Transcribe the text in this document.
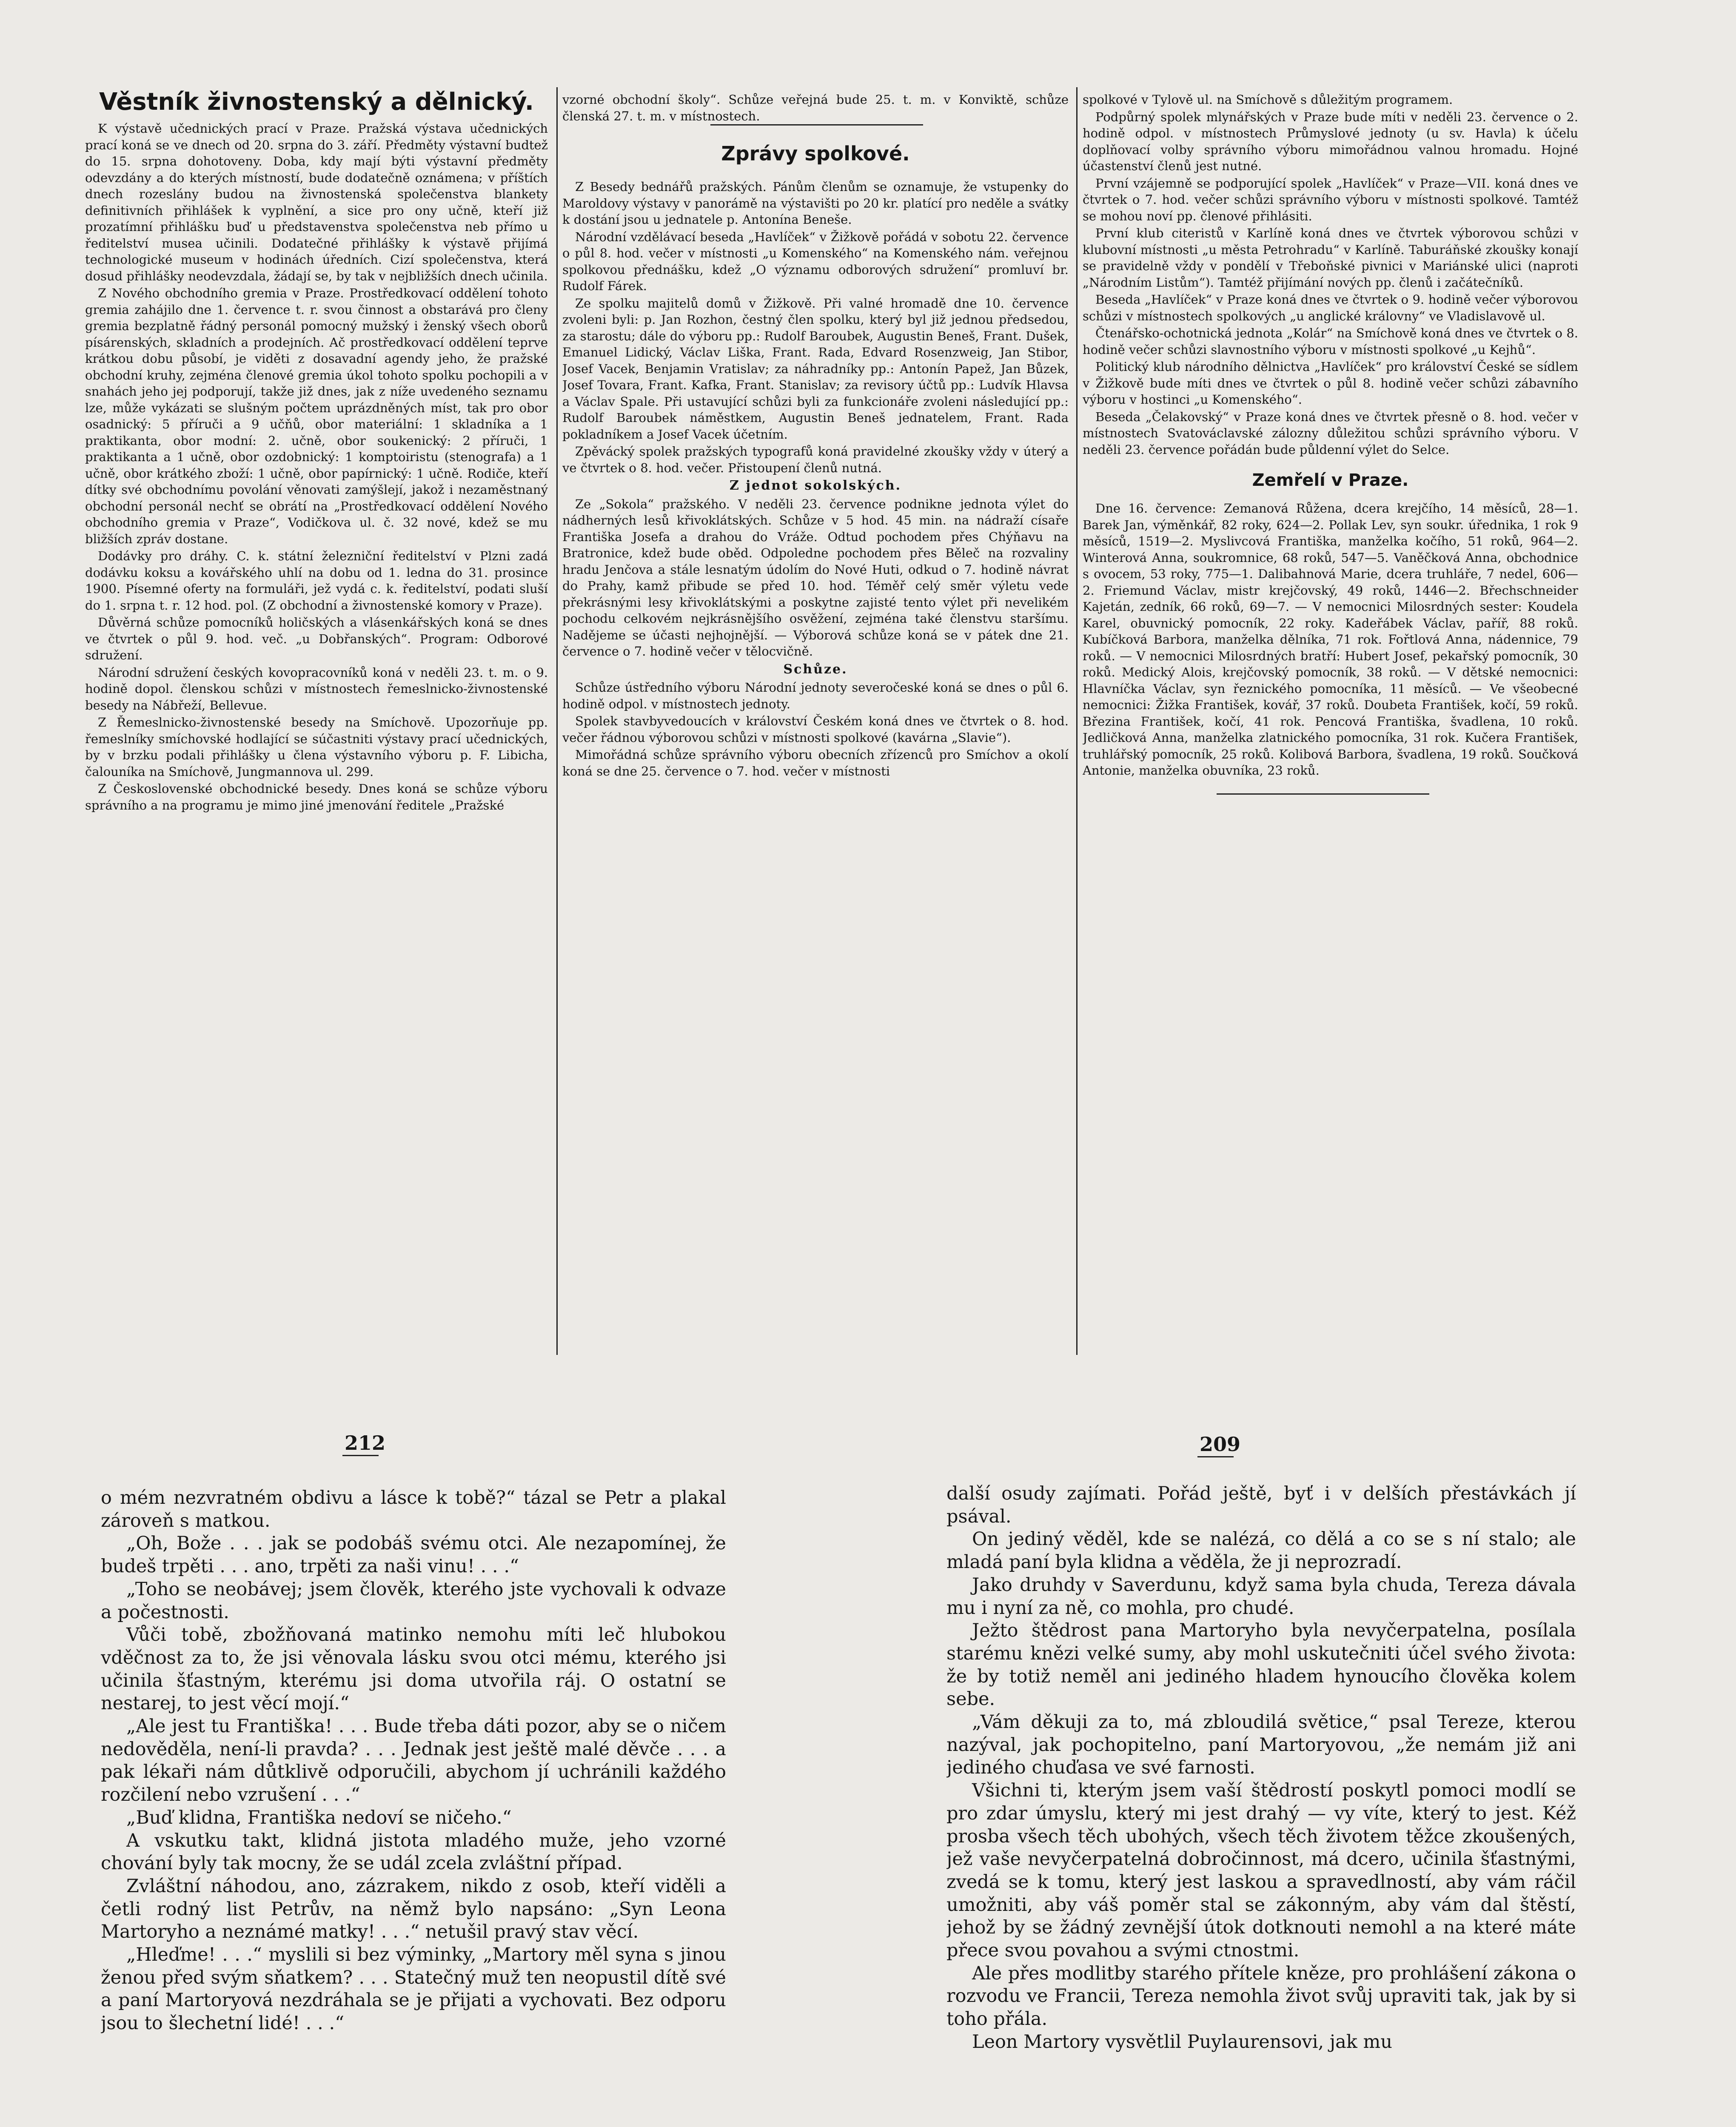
Věstník živnostenský a dělnický.

K výstavě učednických prací v Praze. Pražská výstava učednických prací koná se ve dnech od 20. srpna do 3. září. Předměty výstavní budtež do 15. srpna dohotoveny. Doba, kdy mají býti výstavní předměty odevzdány a do kterých místností, bude dodatečně oznámena; v příštích dnech rozeslány budou na živnostenská společenstva blankety definitivních přihlášek k vyplnění, a sice pro ony učně, kteří již prozatímní přihlášku buď u představenstva společenstva neb přímo u ředitelství musea učinili. Dodatečné přihlášky k výstavě přijímá technologické museum v hodinách úředních. Cizí společenstva, která dosud přihlášky neodevzdala, žádají se, by tak v nejbližších dnech učinila.

Z Nového obchodního gremia v Praze. Prostředkovací oddělení tohoto gremia zahájilo dne 1. července t. r. svou činnost a obstarává pro členy gremia bezplatně řádný personál pomocný mužský i ženský všech oborů písárenských, skladních a prodejních. Ač prostředkovací oddělení teprve krátkou dobu působí, je viděti z dosavadní agendy jeho, že pražské obchodní kruhy, zejména členové gremia úkol tohoto spolku pochopili a v snahách jeho jej podporují, takže již dnes, jak z níže uvedeného seznamu lze, může vykázati se slušným počtem uprázdněných míst, tak pro obor osadnický: 5 příruči a 9 učňů, obor materiální: 1 skladníka a 1 praktikanta, obor modní: 2. učně, obor soukenický: 2 příruči, 1 praktikanta a 1 učně, obor ozdobnický: 1 komptoiristu (stenografa) a 1 učně, obor krátkého zboží: 1 učně, obor papírnický: 1 učně. Rodiče, kteří dítky své obchodnímu povolání věnovati zamýšlejí, jakož i nezaměstnaný obchodní personál nechť se obrátí na „Prostředkovací oddělení Nového obchodního gremia v Praze“, Vodičkova ul. č. 32 nové, kdež se mu bližších zpráv dostane.

Dodávky pro dráhy. C. k. státní železniční ředitelství v Plzni zadá dodávku koksu a kovářského uhlí na dobu od 1. ledna do 31. prosince 1900. Písemné oferty na formuláři, jež vydá c. k. ředitelství, podati sluší do 1. srpna t. r. 12 hod. pol. (Z obchodní a živnostenské komory v Praze).

Důvěrná schůze pomocníků holičských a vlásenkářských koná se dnes ve čtvrtek o půl 9. hod. več. „u Dobřanských“. Program: Odborové sdružení.

Národní sdružení českých kovopracovníků koná v neděli 23. t. m. o 9. hodině dopol. členskou schůzi v místnostech řemeslnicko-živnostenské besedy na Nábřeží, Bellevue.

Z Řemeslnicko-živnostenské besedy na Smíchově. Upozorňuje pp. řemeslníky smíchovské hodlající se súčastniti výstavy prací učednických, by v brzku podali přihlášky u člena výstavního výboru p. F. Libicha, čalouníka na Smíchově, Jungmannova ul. 299.

Z Československé obchodnické besedy. Dnes koná se schůze výboru správního a na programu je mimo jiné jmenování ředitele „Pražské

vzorné obchodní školy“. Schůze veřejná bude 25. t. m. v Konviktě, schůze členská 27. t. m. v místnostech.

Zprávy spolkové.

Z Besedy bednářů pražských. Pánům členům se oznamuje, že vstupenky do Maroldovy výstavy v panorámě na výstavišti po 20 kr. platící pro neděle a svátky k dostání jsou u jednatele p. Antonína Beneše.

Národní vzdělávací beseda „Havlíček“ v Žižkově pořádá v sobotu 22. července o půl 8. hod. večer v místnosti „u Komenského“ na Komenského nám. veřejnou spolkovou přednášku, kdež „O významu odborových sdružení“ promluví br. Rudolf Fárek.

Ze spolku majitelů domů v Žižkově. Při valné hromadě dne 10. července zvoleni byli: p. Jan Rozhon, čestný člen spolku, který byl již jednou předsedou, za starostu; dále do výboru pp.: Rudolf Baroubek, Augustin Beneš, Frant. Dušek, Emanuel Lidický, Václav Liška, Frant. Rada, Edvard Rosenzweig, Jan Stibor, Josef Vacek, Benjamin Vratislav; za náhradníky pp.: Antonín Papež, Jan Bůzek, Josef Tovara, Frant. Kafka, Frant. Stanislav; za revisory účtů pp.: Ludvík Hlavsa a Václav Spale. Při ustavující schůzi byli za funkcionáře zvoleni následující pp.: Rudolf Baroubek náměstkem, Augustin Beneš jednatelem, Frant. Rada pokladníkem a Josef Vacek účetním.

Zpěvácký spolek pražských typografů koná pravidelné zkoušky vždy v úterý a ve čtvrtek o 8. hod. večer. Přistoupení členů nutná.

Z jednot sokolských.

Ze „Sokola“ pražského. V neděli 23. července podnikne jednota výlet do nádherných lesů křivoklátských. Schůze v 5 hod. 45 min. na nádraží císaře Františka Josefa a drahou do Vráže. Odtud pochodem přes Chýňavu na Bratronice, kdež bude oběd. Odpoledne pochodem přes Běleč na rozvaliny hradu Jenčova a stále lesnatým údolím do Nové Huti, odkud o 7. hodině návrat do Prahy, kamž přibude se před 10. hod. Téměř celý směr výletu vede překrásnými lesy křivoklátskými a poskytne zajisté tento výlet při nevelikém pochodu celkovém nejkrásnějšího osvěžení, zejména také členstvu staršímu. Nadějeme se účasti nejhojnější. — Výborová schůze koná se v pátek dne 21. července o 7. hodině večer v tělocvičně.

Schůze.

Schůze ústředního výboru Národní jednoty severočeské koná se dnes o půl 6. hodině odpol. v místnostech jednoty.

Spolek stavbyvedoucích v království Českém koná dnes ve čtvrtek o 8. hod. večer řádnou výborovou schůzi v místnosti spolkové (kavárna „Slavie“).

Mimořádná schůze správního výboru obecních zřízenců pro Smíchov a okolí koná se dne 25. července o 7. hod. večer v místnosti

spolkové v Tylově ul. na Smíchově s důležitým programem.

Podpůrný spolek mlynářských v Praze bude míti v neděli 23. července o 2. hodině odpol. v místnostech Průmyslové jednoty (u sv. Havla) k účelu doplňovací volby správního výboru mimořádnou valnou hromadu. Hojné účastenství členů jest nutné.

První vzájemně se podporující spolek „Havlíček“ v Praze—VII. koná dnes ve čtvrtek o 7. hod. večer schůzi správního výboru v místnosti spolkové. Tamtéž se mohou noví pp. členové přihlásiti.

První klub citeristů v Karlíně koná dnes ve čtvrtek výborovou schůzi v klubovní místnosti „u města Petrohradu“ v Karlíně. Taburáňské zkoušky konají se pravidelně vždy v pondělí v Třeboňské pivnici v Mariánské ulici (naproti „Národním Listům“). Tamtéž přijímání nových pp. členů i začátečníků.

Beseda „Havlíček“ v Praze koná dnes ve čtvrtek o 9. hodině večer výborovou schůzi v místnostech spolkových „u anglické královny“ ve Vladislavově ul.

Čtenářsko-ochotnická jednota „Kolár“ na Smíchově koná dnes ve čtvrtek o 8. hodině večer schůzi slavnostního výboru v místnosti spolkové „u Kejhů“.

Politický klub národního dělnictva „Havlíček“ pro království České se sídlem v Žižkově bude míti dnes ve čtvrtek o půl 8. hodině večer schůzi zábavního výboru v hostinci „u Komenského“.

Beseda „Čelakovský“ v Praze koná dnes ve čtvrtek přesně o 8. hod. večer v místnostech Svatováclavské zálozny důležitou schůzi správního výboru. V neděli 23. července pořádán bude půldenní výlet do Selce.

Zemřelí v Praze.

Dne 16. července: Zemanová Růžena, dcera krejčího, 14 měsíců, 28—1. Barek Jan, výměnkář, 82 roky, 624—2. Pollak Lev, syn soukr. úřednika, 1 rok 9 měsíců, 1519—2. Myslivcová Františka, manželka kočího, 51 roků, 964—2. Winterová Anna, soukromnice, 68 roků, 547—5. Vaněčková Anna, obchodnice s ovocem, 53 roky, 775—1. Dalibahnová Marie, dcera truhláře, 7 nedel, 606—2. Friemund Václav, mistr krejčovský, 49 roků, 1446—2. Břechschneider Kajetán, zedník, 66 roků, 69—7. — V nemocnici Milosrdných sester: Koudela Karel, obuvnický pomocník, 22 roky. Kadeřábek Václav, paříř, 88 roků. Kubíčková Barbora, manželka dělníka, 71 rok. Fořtlová Anna, nádennice, 79 roků. — V nemocnici Milosrdných bratří: Hubert Josef, pekařský pomocník, 30 roků. Medický Alois, krejčovský pomocník, 38 roků. — V dětské nemocnici: Hlavníčka Václav, syn řeznického pomocníka, 11 měsíců. — Ve všeobecné nemocnici: Žižka František, kovář, 37 roků. Doubeta František, kočí, 59 roků. Březina František, kočí, 41 rok. Pencová Františka, švadlena, 10 roků. Jedličková Anna, manželka zlatnického pomocníka, 31 rok. Kučera František, truhlářský pomocník, 25 roků. Kolibová Barbora, švadlena, 19 roků. Součková Antonie, manželka obuvníka, 23 roků.

212	209

o mém nezvratném obdivu a lásce k tobě?“ tázal se Petr a plakal zároveň s matkou.

„Oh, Bože . . . jak se podobáš svému otci. Ale nezapomínej, že budeš trpěti . . . ano, trpěti za naši vinu! . . .“

„Toho se neobávej; jsem člověk, kterého jste vychovali k odvaze a počestnosti.

Vůči tobě, zbožňovaná matinko nemohu míti leč hlubokou vděčnost za to, že jsi věnovala lásku svou otci mému, kterého jsi učinila šťastným, kterému jsi doma utvořila ráj. O ostatní se nestarej, to jest věcí mojí.“

„Ale jest tu Františka! . . . Bude třeba dáti pozor, aby se o ničem nedověděla, není-li pravda? . . . Jednak jest ještě malé děvče . . . a pak lékaři nám důtklivě odporučili, abychom jí uchránili každého rozčilení nebo vzrušení . . .“

„Buď klidna, Františka nedoví se ničeho.“

A vskutku takt, klidná jistota mladého muže, jeho vzorné chování byly tak mocny, že se udál zcela zvláštní případ.

Zvláštní náhodou, ano, zázrakem, nikdo z osob, kteří viděli a četli rodný list Petrův, na němž bylo napsáno: „Syn Leona Martoryho a neznámé matky! . . .“ netušil pravý stav věcí.

„Hleďme! . . .“ myslili si bez výminky, „Martory měl syna s jinou ženou před svým sňatkem? . . . Statečný muž ten neopustil dítě své a paní Martoryová nezdráhala se je přijati a vychovati. Bez odporu jsou to šlechetní lidé! . . .“

další osudy zajímati. Pořád ještě, byť i v delších přestávkách jí psával.

On jediný věděl, kde se nalézá, co dělá a co se s ní stalo; ale mladá paní byla klidna a věděla, že ji neprozradí.

Jako druhdy v Saverdunu, když sama byla chuda, Tereza dávala mu i nyní za ně, co mohla, pro chudé.

Ježto štědrost pana Martoryho byla nevyčerpatelna, posílala starému knězi velké sumy, aby mohl uskutečniti účel svého života: že by totiž neměl ani jediného hladem hynoucího člověka kolem sebe.

„Vám děkuji za to, má zbloudilá světice,“ psal Tereze, kterou nazýval, jak pochopitelno, paní Martoryovou, „že nemám již ani jediného chuďasa ve své farnosti.

Všichni ti, kterým jsem vaší štědrostí poskytl pomoci modlí se pro zdar úmyslu, který mi jest drahý — vy víte, který to jest. Kéž prosba všech těch ubohých, všech těch životem těžce zkoušených, jež vaše nevyčerpatelná dobročinnost, má dcero, učinila šťastnými, zvedá se k tomu, který jest laskou a spravedlností, aby vám ráčil umožniti, aby váš poměr stal se zákonným, aby vám dal štěstí, jehož by se žádný zevnější útok dotknouti nemohl a na které máte přece svou povahou a svými ctnostmi.

Ale přes modlitby starého přítele kněze, pro prohlášení zákona o rozvodu ve Francii, Tereza nemohla život svůj upraviti tak, jak by si toho přála.

Leon Martory vysvětlil Puylaurensovi, jak mu
